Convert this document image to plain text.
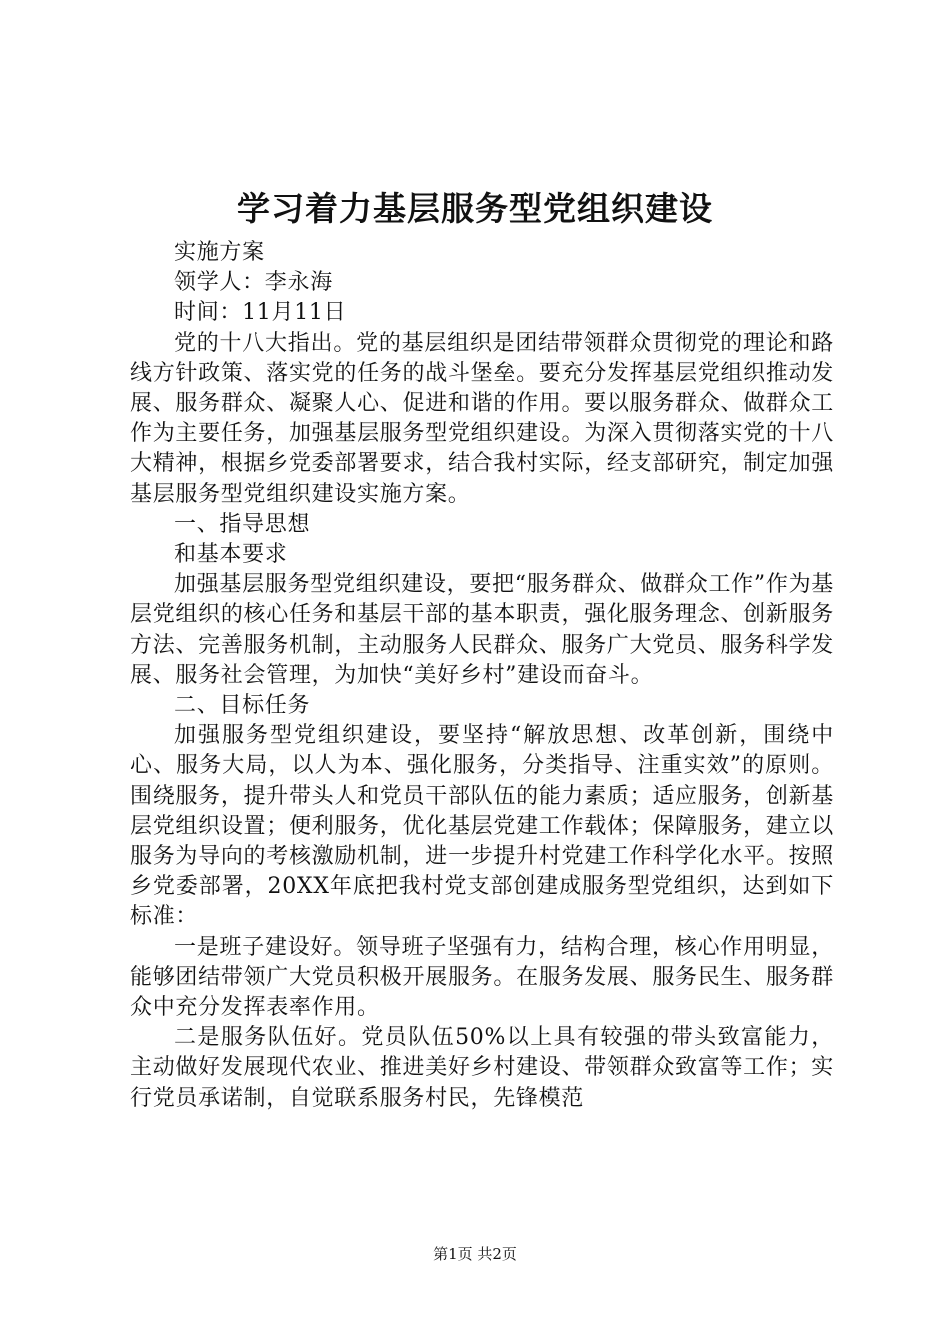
学习着力基层服务型党组织建设

实施方案

领学人：李永海

时间：11月11日

党的十八大指出。党的基层组织是团结带领群众贯彻党的理论和路线方针政策、落实党的任务的战斗堡垒。要充分发挥基层党组织推动发展、服务群众、凝聚人心、促进和谐的作用。要以服务群众、做群众工作为主要任务，加强基层服务型党组织建设。为深入贯彻落实党的十八大精神，根据乡党委部署要求，结合我村实际，经支部研究，制定加强基层服务型党组织建设实施方案。

一、指导思想

和基本要求

加强基层服务型党组织建设，要把“服务群众、做群众工作”作为基层党组织的核心任务和基层干部的基本职责，强化服务理念、创新服务方法、完善服务机制，主动服务人民群众、服务广大党员、服务科学发展、服务社会管理，为加快“美好乡村”建设而奋斗。

二、目标任务

加强服务型党组织建设，要坚持“解放思想、改革创新，围绕中心、服务大局，以人为本、强化服务，分类指导、注重实效”的原则。围绕服务，提升带头人和党员干部队伍的能力素质；适应服务，创新基层党组织设置；便利服务，优化基层党建工作载体；保障服务，建立以服务为导向的考核激励机制，进一步提升村党建工作科学化水平。按照乡党委部署，20XX年底把我村党支部创建成服务型党组织，达到如下标准：

一是班子建设好。领导班子坚强有力，结构合理，核心作用明显，能够团结带领广大党员积极开展服务。在服务发展、服务民生、服务群众中充分发挥表率作用。

二是服务队伍好。党员队伍50%以上具有较强的带头致富能力，主动做好发展现代农业、推进美好乡村建设、带领群众致富等工作；实行党员承诺制，自觉联系服务村民，先锋模范

第1页 共2页
